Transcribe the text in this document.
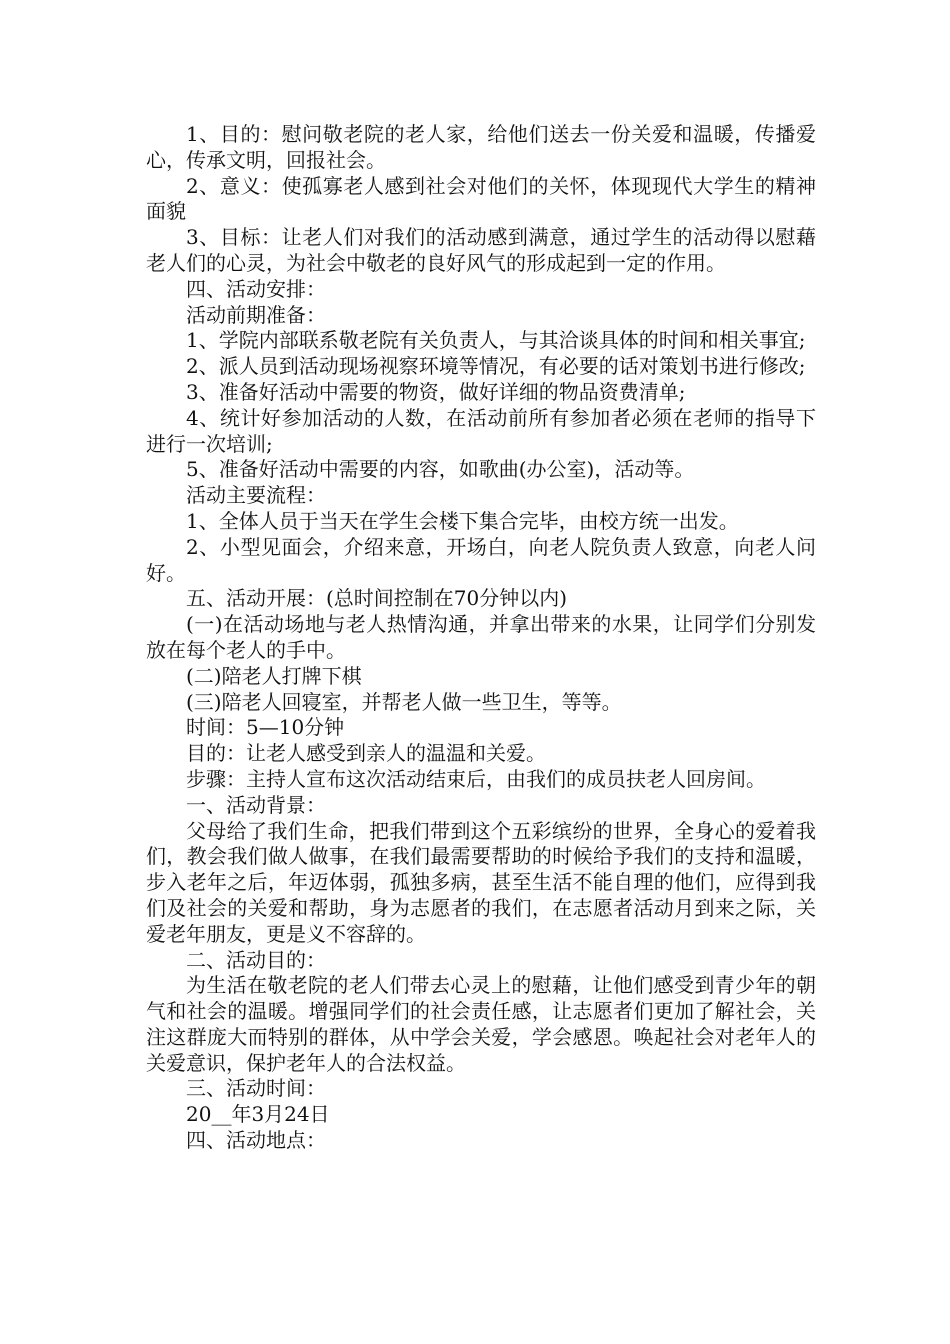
1、目的：慰问敬老院的老人家，给他们送去一份关爱和温暖，传播爱心，传承文明，回报社会。

2、意义：使孤寡老人感到社会对他们的关怀，体现现代大学生的精神面貌

3、目标：让老人们对我们的活动感到满意，通过学生的活动得以慰藉老人们的心灵，为社会中敬老的良好风气的形成起到一定的作用。

四、活动安排：

活动前期准备：

1、学院内部联系敬老院有关负责人，与其洽谈具体的时间和相关事宜;

2、派人员到活动现场视察环境等情况，有必要的话对策划书进行修改;

3、准备好活动中需要的物资，做好详细的物品资费清单;

4、统计好参加活动的人数，在活动前所有参加者必须在老师的指导下进行一次培训;

5、准备好活动中需要的内容，如歌曲(办公室)，活动等。

活动主要流程：

1、全体人员于当天在学生会楼下集合完毕，由校方统一出发。

2、小型见面会，介绍来意，开场白，向老人院负责人致意，向老人问好。

五、活动开展：(总时间控制在70分钟以内)

(一)在活动场地与老人热情沟通，并拿出带来的水果，让同学们分别发放在每个老人的手中。

(二)陪老人打牌下棋

(三)陪老人回寝室，并帮老人做一些卫生，等等。

时间：5—10分钟

目的：让老人感受到亲人的温温和关爱。

步骤：主持人宣布这次活动结束后，由我们的成员扶老人回房间。

一、活动背景：

父母给了我们生命，把我们带到这个五彩缤纷的世界，全身心的爱着我们，教会我们做人做事，在我们最需要帮助的时候给予我们的支持和温暖，步入老年之后，年迈体弱，孤独多病，甚至生活不能自理的他们，应得到我们及社会的关爱和帮助，身为志愿者的我们，在志愿者活动月到来之际，关爱老年朋友，更是义不容辞的。

二、活动目的：

为生活在敬老院的老人们带去心灵上的慰藉，让他们感受到青少年的朝气和社会的温暖。增强同学们的社会责任感，让志愿者们更加了解社会，关注这群庞大而特别的群体，从中学会关爱，学会感恩。唤起社会对老年人的关爱意识，保护老年人的合法权益。

三、活动时间：

20__年3月24日

四、活动地点：
